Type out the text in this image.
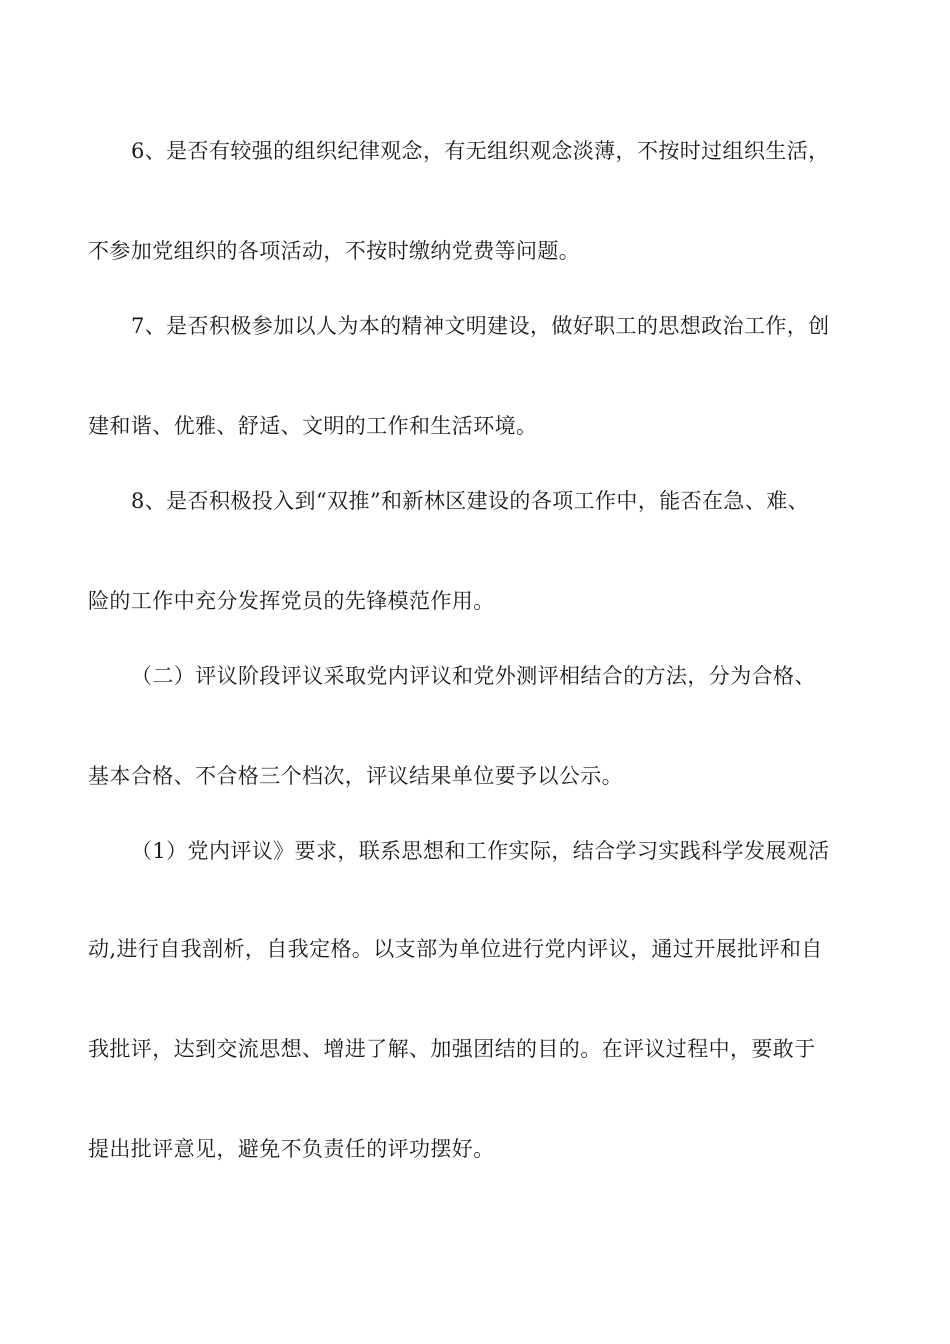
6、是否有较强的组织纪律观念，有无组织观念淡薄，不按时过组织生活，
不参加党组织的各项活动，不按时缴纳党费等问题。
7、是否积极参加以人为本的精神文明建设，做好职工的思想政治工作，创
建和谐、优雅、舒适、文明的工作和生活环境。
8、是否积极投入到“双推”和新林区建设的各项工作中，能否在急、难、
险的工作中充分发挥党员的先锋模范作用。
（二）评议阶段评议采取党内评议和党外测评相结合的方法，分为合格、
基本合格、不合格三个档次，评议结果单位要予以公示。
（1）党内评议》要求，联系思想和工作实际，结合学习实践科学发展观活
动,进行自我剖析，自我定格。以支部为单位进行党内评议，通过开展批评和自
我批评，达到交流思想、增进了解、加强团结的目的。在评议过程中，要敢于
提出批评意见，避免不负责任的评功摆好。
